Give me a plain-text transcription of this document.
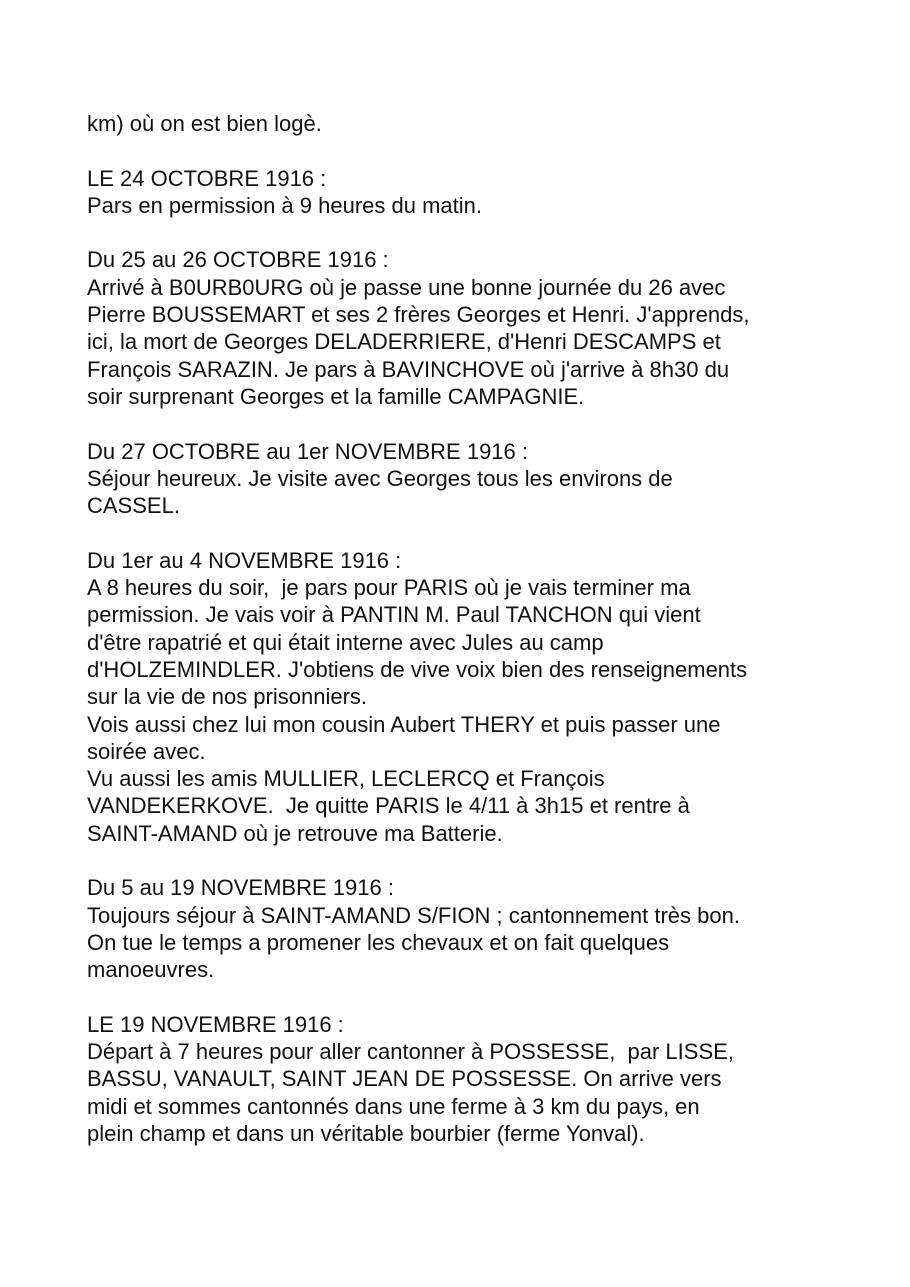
km) où on est bien logè.
LE 24 OCTOBRE 1916 :
Pars en permission à 9 heures du matin.
Du 25 au 26 OCTOBRE 1916 :
Arrivé à B0URB0URG où je passe une bonne journée du 26 avec
Pierre BOUSSEMART et ses 2 frères Georges et Henri. J'apprends,
ici, la mort de Georges DELADERRIERE, d'Henri DESCAMPS et
François SARAZIN. Je pars à BAVINCHOVE où j'arrive à 8h30 du
soir surprenant Georges et la famille CAMPAGNIE.
Du 27 OCTOBRE au 1er NOVEMBRE 1916 :
Séjour heureux. Je visite avec Georges tous les environs de
CASSEL.
Du 1er au 4 NOVEMBRE 1916 :
A 8 heures du soir,  je pars pour PARIS où je vais terminer ma
permission. Je vais voir à PANTIN M. Paul TANCHON qui vient
d'être rapatrié et qui était interne avec Jules au camp
d'HOLZEMINDLER. J'obtiens de vive voix bien des renseignements
sur la vie de nos prisonniers.
Vois aussi chez lui mon cousin Aubert THERY et puis passer une
soirée avec.
Vu aussi les amis MULLIER, LECLERCQ et François
VANDEKERKOVE.  Je quitte PARIS le 4/11 à 3h15 et rentre à
SAINT-AMAND où je retrouve ma Batterie.
Du 5 au 19 NOVEMBRE 1916 :
Toujours séjour à SAINT-AMAND S/FION ; cantonnement très bon.
On tue le temps a promener les chevaux et on fait quelques
manoeuvres.
LE 19 NOVEMBRE 1916 :
Départ à 7 heures pour aller cantonner à POSSESSE,  par LISSE,
BASSU, VANAULT, SAINT JEAN DE POSSESSE. On arrive vers
midi et sommes cantonnés dans une ferme à 3 km du pays, en
plein champ et dans un véritable bourbier (ferme Yonval).
